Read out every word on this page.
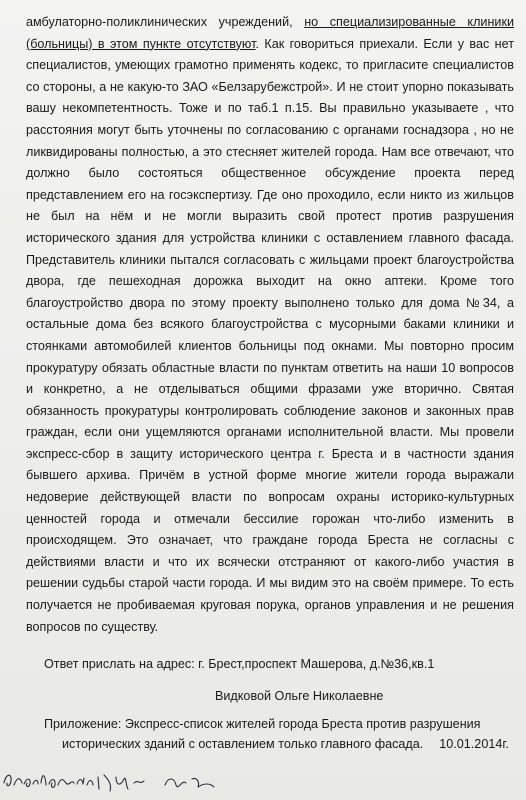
амбулаторно-поликлинических учреждений, но специализированные клиники (больницы) в этом пункте отсутствуют. Как говориться приехали. Если у вас нет специалистов, умеющих грамотно применять кодекс, то пригласите специалистов со стороны, а не какую-то ЗАО «Белзарубежстрой». И не стоит упорно показывать вашу некомпетентность. Тоже и по таб.1 п.15. Вы правильно указываете , что расстояния могут быть уточнены по согласованию с органами госнадзора , но не ликвидированы полностью, а это стесняет жителей города. Нам все отвечают, что должно было состояться общественное обсуждение проекта перед представлением его на госэкспертизу. Где оно проходило, если никто из жильцов не был на нём и не могли выразить свой протест против разрушения исторического здания для устройства клиники с оставлением главного фасада. Представитель клиники пытался согласовать с жильцами проект благоустройства двора, где пешеходная дорожка выходит на окно аптеки. Кроме того благоустройство двора по этому проекту выполнено только для дома №34, а остальные дома без всякого благоустройства с мусорными баками клиники и стоянками автомобилей клиентов больницы под окнами. Мы повторно просим прокуратуру обязать областные власти по пунктам ответить на наши 10 вопросов и конкретно, а не отделываться общими фразами уже вторично. Святая обязанность прокуратуры контролировать соблюдение законов и законных прав граждан, если они ущемляются органами исполнительной власти. Мы провели экспресс-сбор в защиту исторического центра г. Бреста и в частности здания бывшего архива. Причём в устной форме многие жители города выражали недоверие действующей власти по вопросам охраны историко-культурных ценностей города и отмечали бессилие горожан что-либо изменить в происходящем. Это означает, что граждане города Бреста не согласны с действиями власти и что их всячески отстраняют от какого-либо участия в решении судьбы старой части города. И мы видим это на своём примере. То есть получается не пробиваемая круговая порука, органов управления и не решения вопросов по существу.

Ответ прислать на адрес: г. Брест,проспект Машерова, д.№36,кв.1
Видковой Ольге Николаевне
Приложение: Экспресс-список жителей города Бреста против разрушения
исторических зданий с оставлением только главного фасада. 10.01.2014г.
